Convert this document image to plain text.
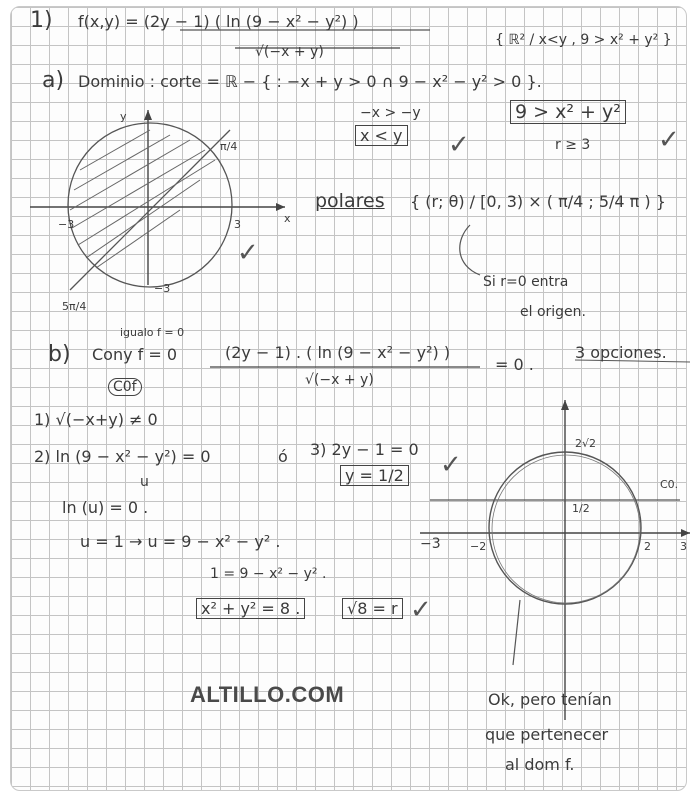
1) f(x,y) = (2y − 1) ( ln (9 − x² − y²) )
√(−x + y)
{ ℝ² / x<y , 9 > x² + y² }
a) Dominio : corte = ℝ − { : −x + y > 0 ∩ 9 − x² − y² > 0 }.
−x > −y
x < y
9 > x² + y²
r ≥ 3
y
x
−3	3
−3
π/4
5π/4
polares { (r; θ) / [0, 3) × ( π/4 ; 5/4 π ) }
Si r=0 entra
el origen.
igualo f = 0
b) Cony f = 0
C0f
(2y − 1) . ( ln (9 − x² − y²) )
√(−x + y)
= 0 .
3 opciones.
1) √(−x+y) ≠ 0
2) ln (9 − x² − y²) = 0	ó 3) 2y − 1 = 0
y = 1/2
u
ln (u) = 0 .
u = 1 → u = 9 − x² − y² .
1 = 9 − x² − y² .
x² + y² = 8 .	√8 = r
2√2
C0.
1/2
−3	−2	2	3
Ok, pero tenían
que pertenecer
al dom f.
✓	✓
✓
✓
✓
ALTILLO.COM
